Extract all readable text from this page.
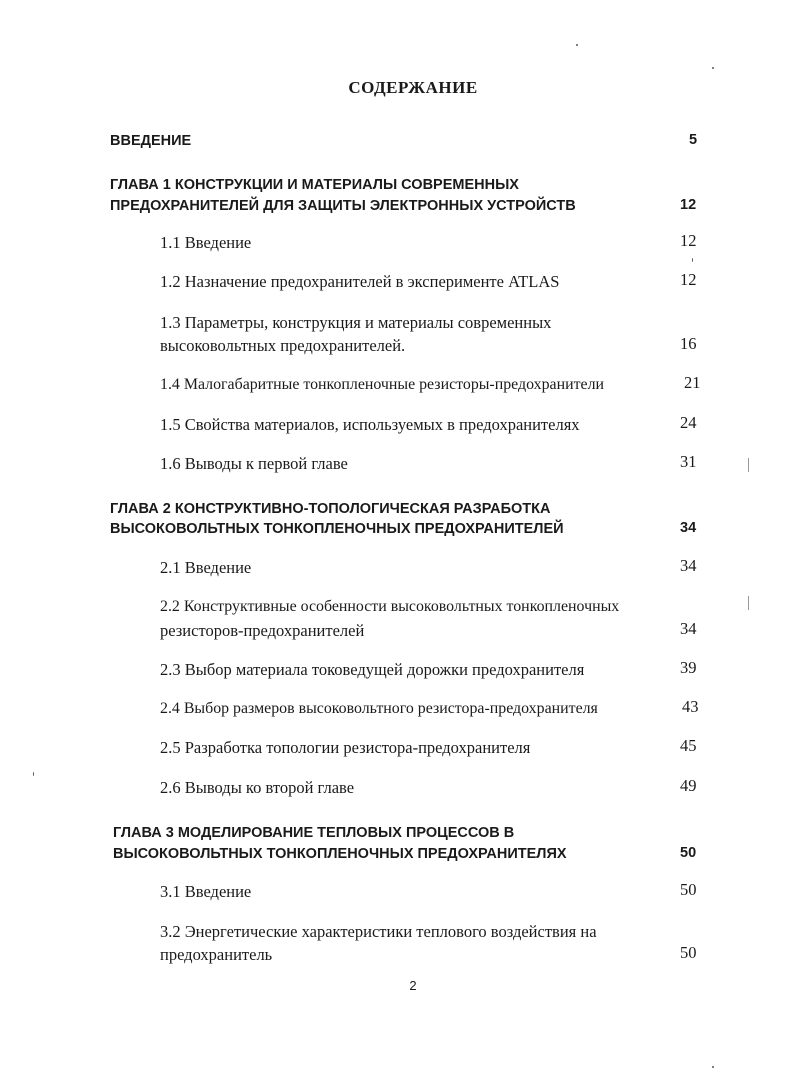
СОДЕРЖАНИЕ
ВВЕДЕНИЕ	5
ГЛАВА 1 КОНСТРУКЦИИ И МАТЕРИАЛЫ СОВРЕМЕННЫХ
ПРЕДОХРАНИТЕЛЕЙ ДЛЯ ЗАЩИТЫ ЭЛЕКТРОННЫХ УСТРОЙСТВ	12
1.1 Введение	12
1.2 Назначение предохранителей в эксперименте ATLAS	12
1.3 Параметры, конструкция и материалы современных
высоковольтных предохранителей.	16
1.4 Малогабаритные тонкопленочные резисторы-предохранители	21
1.5 Свойства материалов, используемых в предохранителях	24
1.6 Выводы к первой главе	31
ГЛАВА 2 КОНСТРУКТИВНО-ТОПОЛОГИЧЕСКАЯ РАЗРАБОТКА
ВЫСОКОВОЛЬТНЫХ ТОНКОПЛЕНОЧНЫХ ПРЕДОХРАНИТЕЛЕЙ	34
2.1 Введение	34
2.2 Конструктивные особенности высоковольтных тонкопленочных
резисторов-предохранителей	34
2.3 Выбор материала токоведущей дорожки предохранителя	39
2.4 Выбор размеров высоковольтного резистора-предохранителя	43
2.5 Разработка топологии резистора-предохранителя	45
2.6 Выводы ко второй главе	49
ГЛАВА 3 МОДЕЛИРОВАНИЕ ТЕПЛОВЫХ ПРОЦЕССОВ В
ВЫСОКОВОЛЬТНЫХ ТОНКОПЛЕНОЧНЫХ ПРЕДОХРАНИТЕЛЯХ	50
3.1 Введение	50
3.2 Энергетические характеристики теплового воздействия на
предохранитель	50
2
